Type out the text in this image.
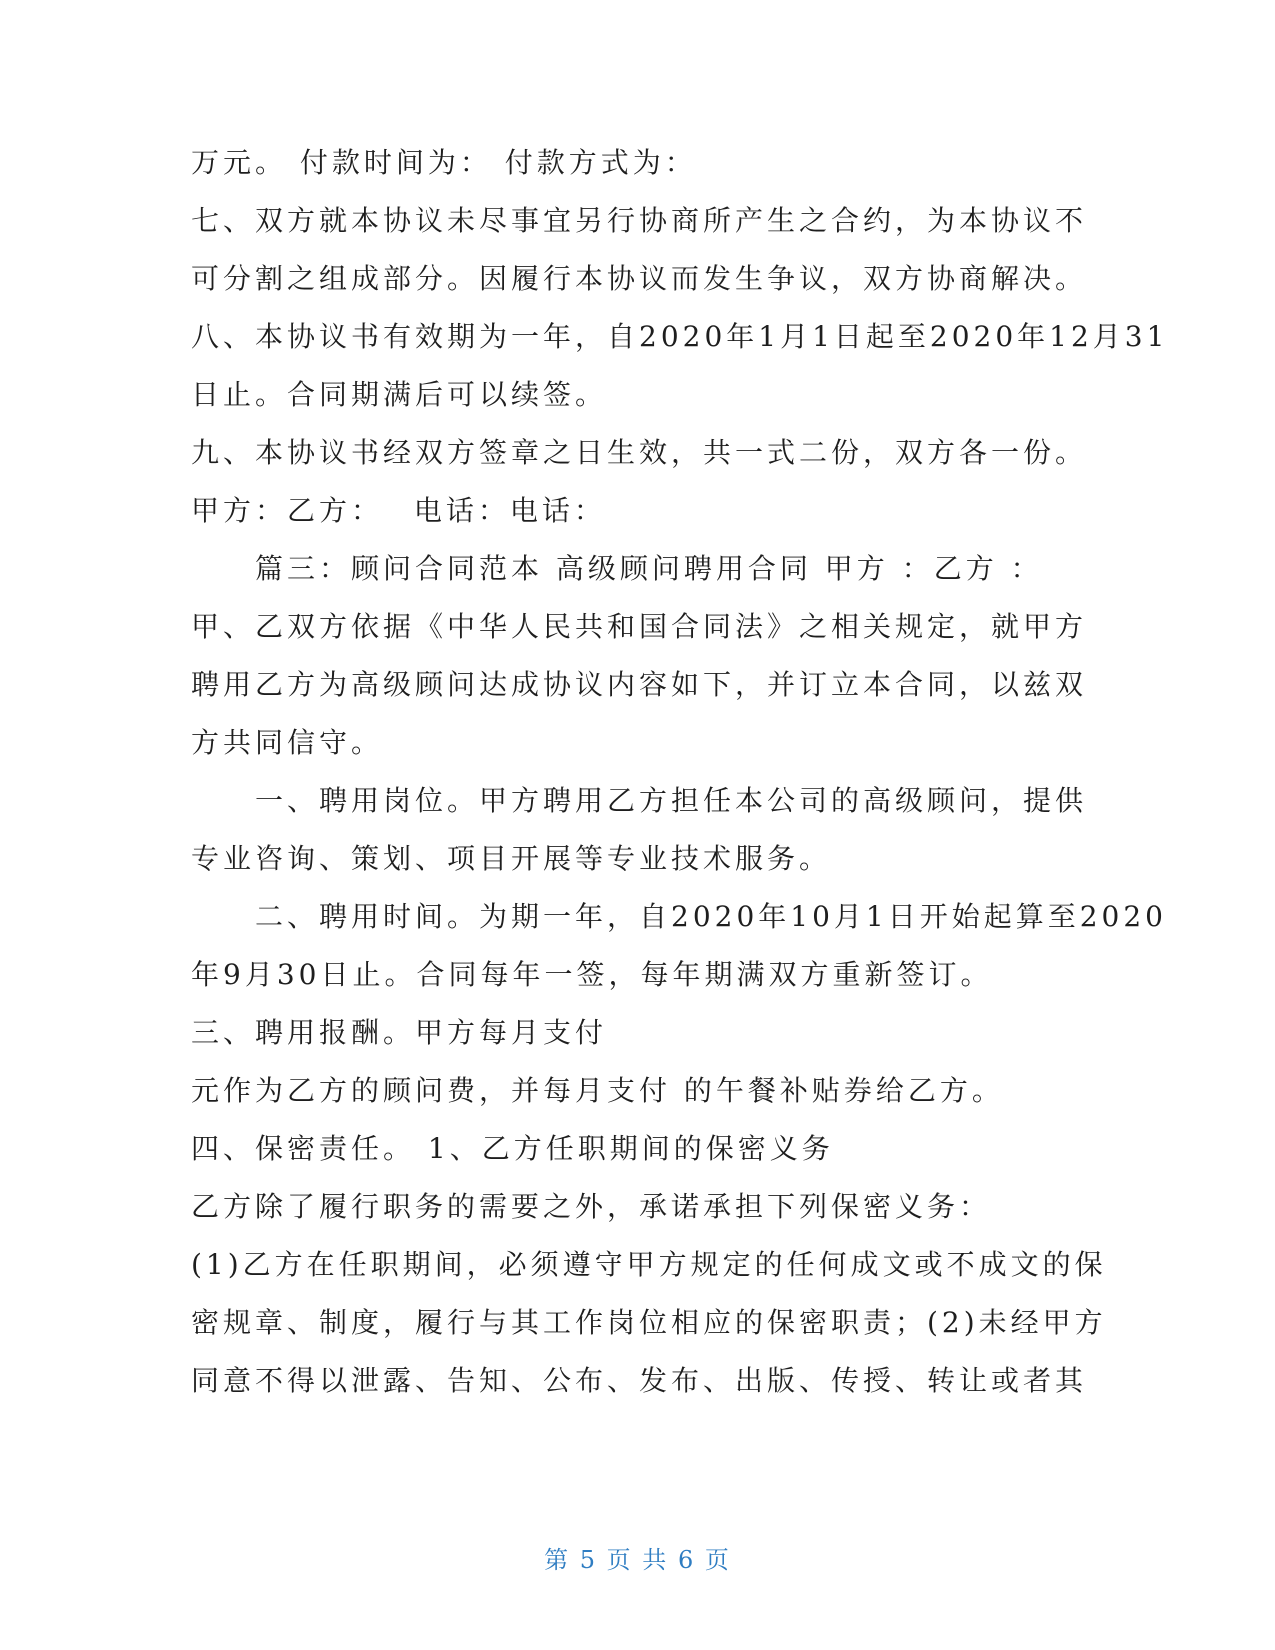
万元。 付款时间为： 付款方式为：
七、双方就本协议未尽事宜另行协商所产生之合约，为本协议不
可分割之组成部分。因履行本协议而发生争议，双方协商解决。
八、本协议书有效期为一年，自2020年1月1日起至2020年12月31
日止。合同期满后可以续签。
九、本协议书经双方签章之日生效，共一式二份，双方各一份。
甲方：乙方：　 电话：电话：
　　篇三：顾问合同范本 高级顾问聘用合同 甲方 ：乙方 ：
甲、乙双方依据《中华人民共和国合同法》之相关规定，就甲方
聘用乙方为高级顾问达成协议内容如下，并订立本合同，以兹双
方共同信守。
　　一、聘用岗位。甲方聘用乙方担任本公司的高级顾问，提供
专业咨询、策划、项目开展等专业技术服务。
　　二、聘用时间。为期一年，自2020年10月1日开始起算至2020
年9月30日止。合同每年一签，每年期满双方重新签订。
三、聘用报酬。甲方每月支付
元作为乙方的顾问费，并每月支付 的午餐补贴券给乙方。
四、保密责任。 1、乙方任职期间的保密义务
乙方除了履行职务的需要之外，承诺承担下列保密义务：
(1)乙方在任职期间，必须遵守甲方规定的任何成文或不成文的保
密规章、制度，履行与其工作岗位相应的保密职责；(2)未经甲方
同意不得以泄露、告知、公布、发布、出版、传授、转让或者其
第 5 页 共 6 页
